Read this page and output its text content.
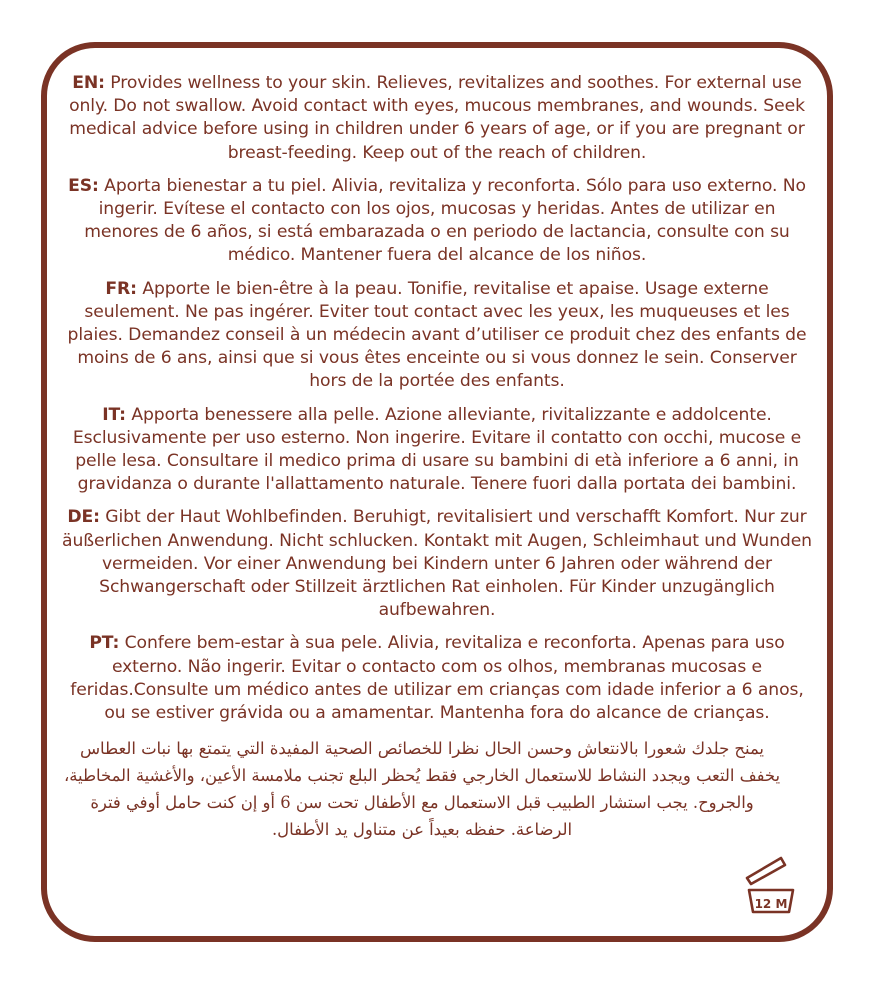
EN: Provides wellness to your skin. Relieves, revitalizes and soothes. For external use only. Do not swallow. Avoid contact with eyes, mucous membranes, and wounds. Seek medical advice before using in children under 6 years of age, or if you are pregnant or breast-feeding. Keep out of the reach of children.

ES: Aporta bienestar a tu piel. Alivia, revitaliza y reconforta. Sólo para uso externo. No ingerir. Evítese el contacto con los ojos, mucosas y heridas. Antes de utilizar en menores de 6 años, si está embarazada o en periodo de lactancia, consulte con su médico. Mantener fuera del alcance de los niños.

FR: Apporte le bien-être à la peau. Tonifie, revitalise et apaise. Usage externe seulement. Ne pas ingérer. Eviter tout contact avec les yeux, les muqueuses et les plaies. Demandez conseil à un médecin avant d’utiliser ce produit chez des enfants de moins de 6 ans, ainsi que si vous êtes enceinte ou si vous donnez le sein. Conserver hors de la portée des enfants.

IT: Apporta benessere alla pelle. Azione alleviante, rivitalizzante e addolcente. Esclusivamente per uso esterno. Non ingerire. Evitare il contatto con occhi, mucose e pelle lesa. Consultare il medico prima di usare su bambini di età inferiore a 6 anni, in gravidanza o durante l'allattamento naturale. Tenere fuori dalla portata dei bambini.

DE: Gibt der Haut Wohlbefinden. Beruhigt, revitalisiert und verschafft Komfort. Nur zur äußerlichen Anwendung. Nicht schlucken. Kontakt mit Augen, Schleimhaut und Wunden vermeiden. Vor einer Anwendung bei Kindern unter 6 Jahren oder während der Schwangerschaft oder Stillzeit ärztlichen Rat einholen. Für Kinder unzugänglich aufbewahren.

PT: Confere bem-estar à sua pele. Alivia, revitaliza e reconforta. Apenas para uso externo. Não ingerir. Evitar o contacto com os olhos, membranas mucosas e feridas.Consulte um médico antes de utilizar em crianças com idade inferior a 6 anos, ou se estiver grávida ou a amamentar. Mantenha fora do alcance de crianças.

يمنح جلدك شعورا بالانتعاش وحسن الحال نظرا للخصائص الصحية المفيدة التي يتمتع بها نبات العطاس يخفف التعب ويجدد النشاط للاستعمال الخارجي فقط يُحظر البلع تجنب ملامسة الأعين، والأغشية المخاطية، والجروح. يجب استشار الطبيب قبل الاستعمال مع الأطفال تحت سن 6 أو إن كنت حامل أوفي فترة الرضاعة. حفظه بعيداً عن متناول يد الأطفال.

12 M
